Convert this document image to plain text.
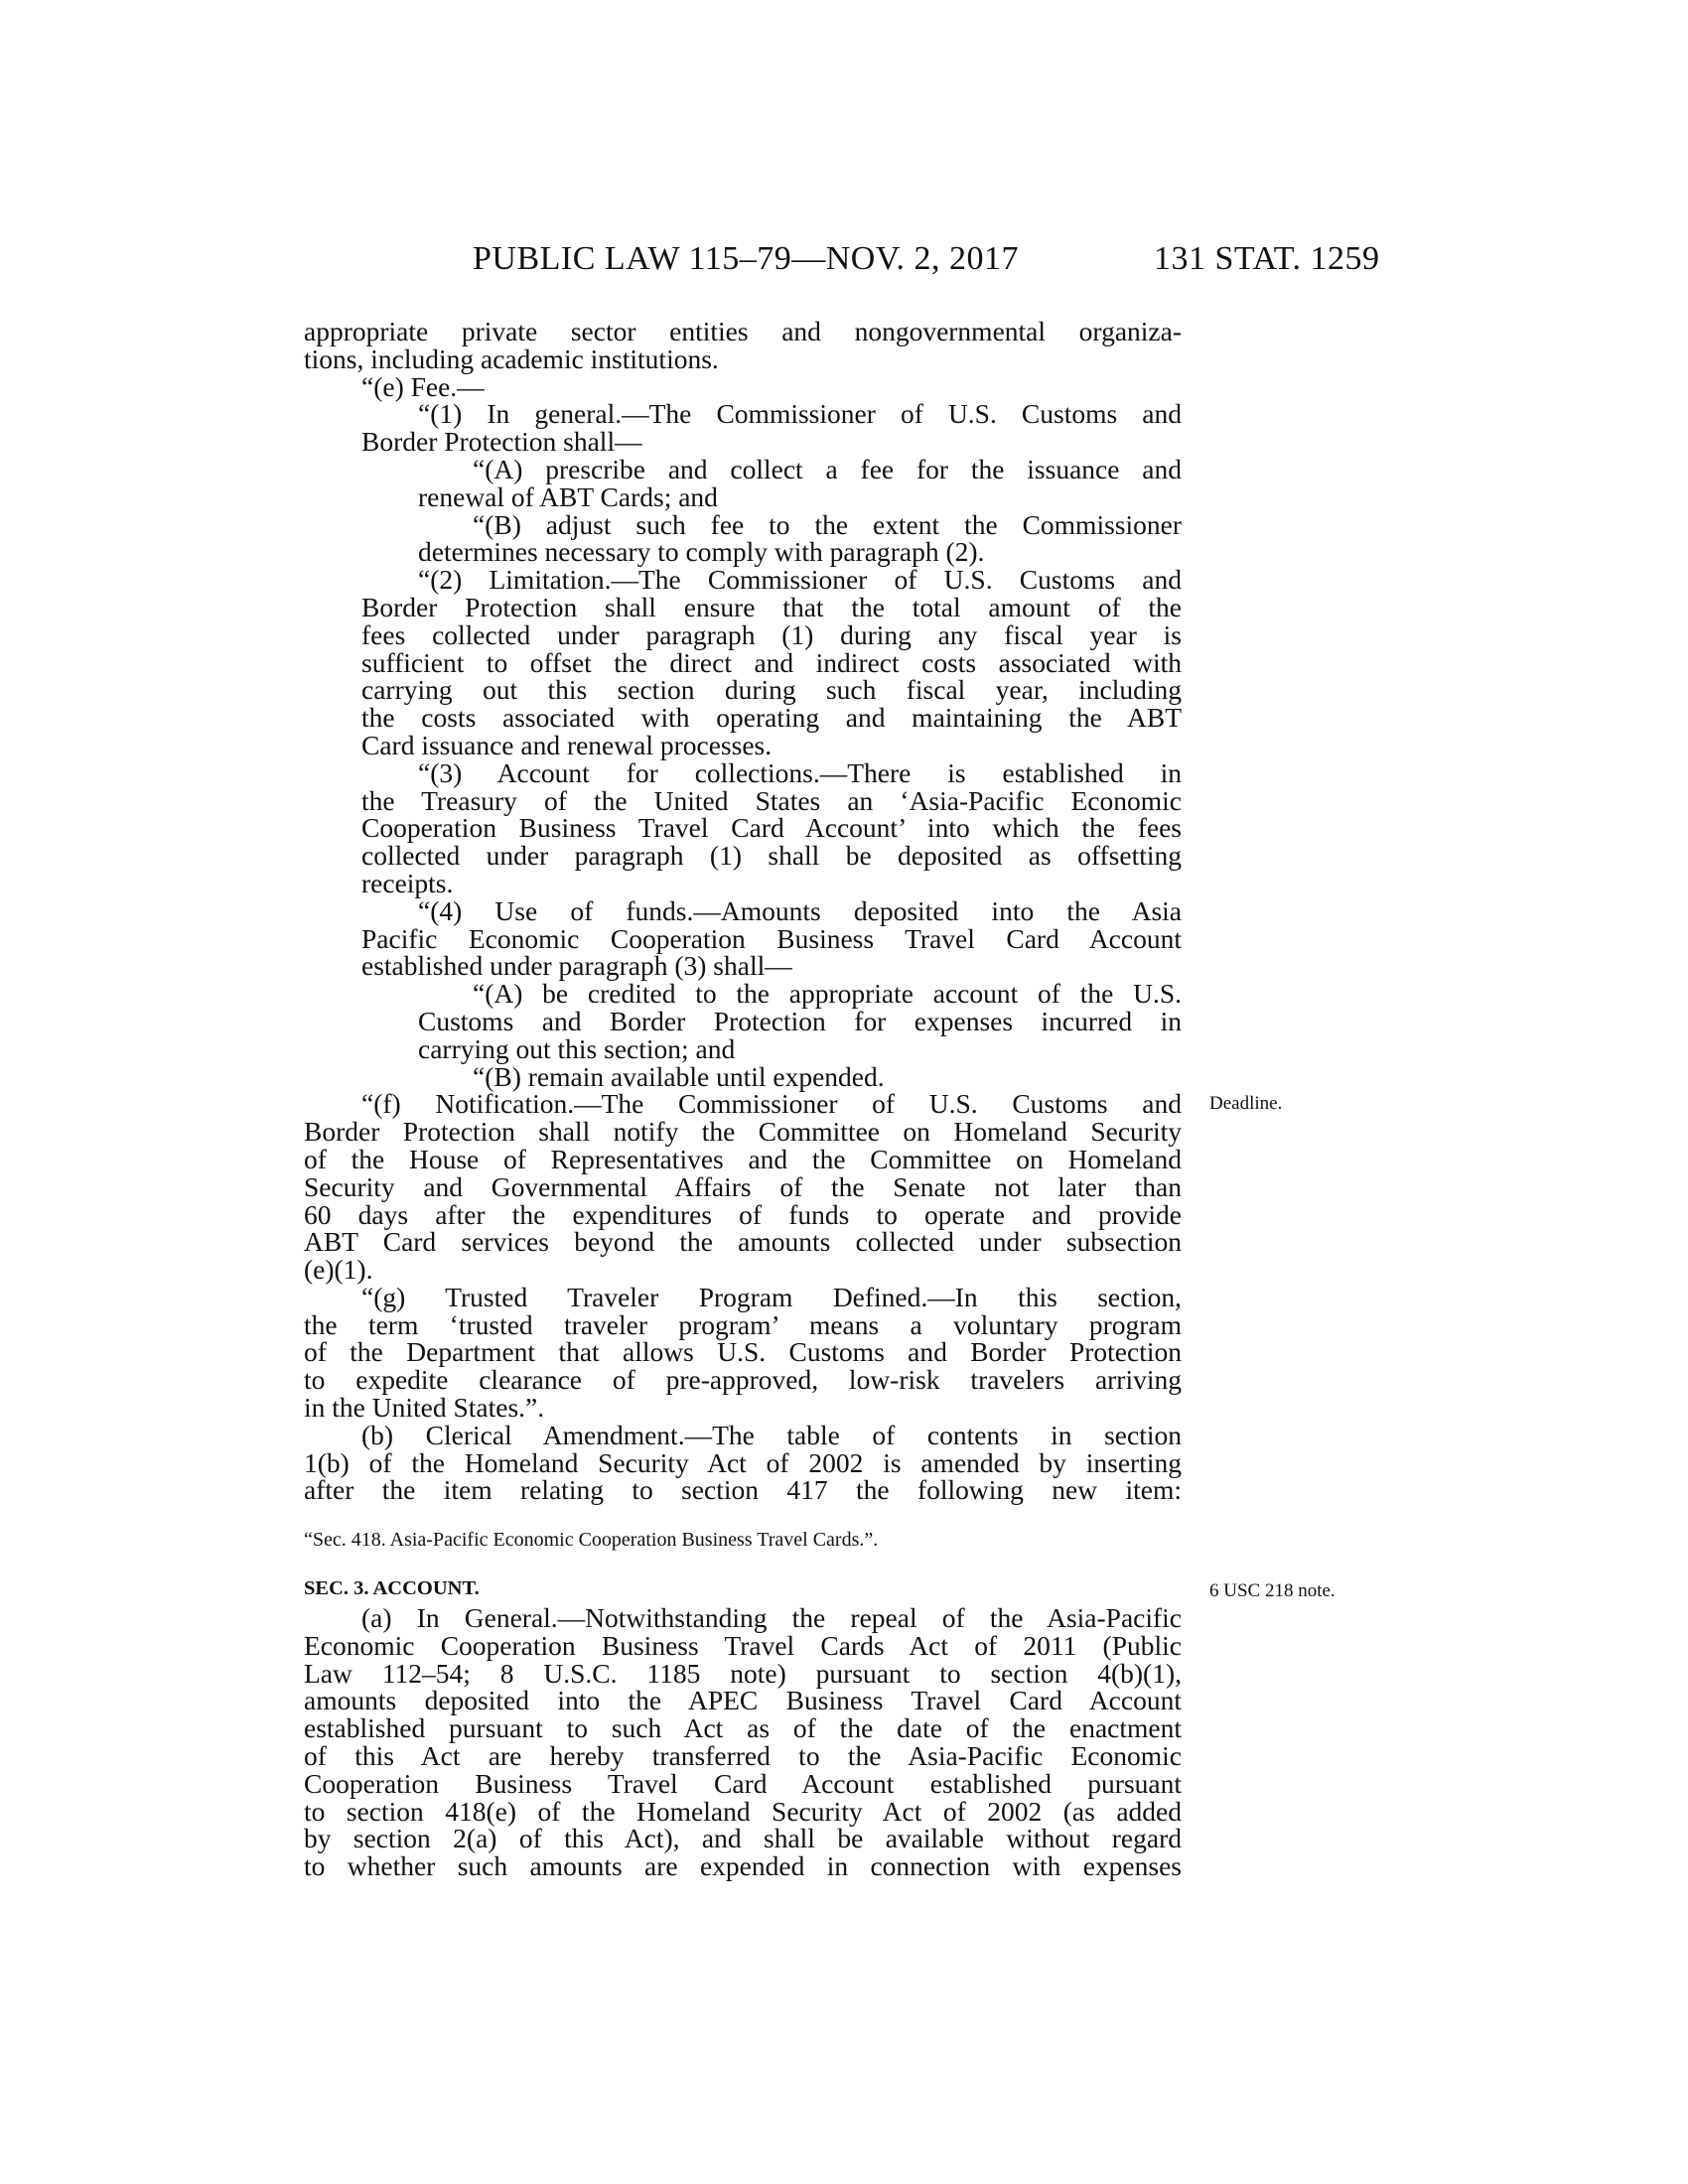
PUBLIC LAW 115–79—NOV. 2, 2017	131 STAT. 1259
appropriate private sector entities and nongovernmental organiza-
tions, including academic institutions.
“(e) Fee.—
“(1) In general.—The Commissioner of U.S. Customs and
Border Protection shall—
“(A) prescribe and collect a fee for the issuance and
renewal of ABT Cards; and
“(B) adjust such fee to the extent the Commissioner
determines necessary to comply with paragraph (2).
“(2) Limitation.—The Commissioner of U.S. Customs and
Border Protection shall ensure that the total amount of the
fees collected under paragraph (1) during any fiscal year is
sufficient to offset the direct and indirect costs associated with
carrying out this section during such fiscal year, including
the costs associated with operating and maintaining the ABT
Card issuance and renewal processes.
“(3) Account for collections.—There is established in
the Treasury of the United States an ‘Asia-Pacific Economic
Cooperation Business Travel Card Account’ into which the fees
collected under paragraph (1) shall be deposited as offsetting
receipts.
“(4) Use of funds.—Amounts deposited into the Asia
Pacific Economic Cooperation Business Travel Card Account
established under paragraph (3) shall—
“(A) be credited to the appropriate account of the U.S.
Customs and Border Protection for expenses incurred in
carrying out this section; and
“(B) remain available until expended.
“(f) Notification.—The Commissioner of U.S. Customs and
Border Protection shall notify the Committee on Homeland Security
of the House of Representatives and the Committee on Homeland
Security and Governmental Affairs of the Senate not later than
60 days after the expenditures of funds to operate and provide
ABT Card services beyond the amounts collected under subsection
(e)(1).
“(g) Trusted Traveler Program Defined.—In this section,
the term ‘trusted traveler program’ means a voluntary program
of the Department that allows U.S. Customs and Border Protection
to expedite clearance of pre-approved, low-risk travelers arriving
in the United States.”.
(b) Clerical Amendment.—The table of contents in section
1(b) of the Homeland Security Act of 2002 is amended by inserting
after the item relating to section 417 the following new item:
Deadline.
“Sec. 418. Asia-Pacific Economic Cooperation Business Travel Cards.”.
SEC. 3. ACCOUNT.	6 USC 218 note.
(a) In General.—Notwithstanding the repeal of the Asia-Pacific
Economic Cooperation Business Travel Cards Act of 2011 (Public
Law 112–54; 8 U.S.C. 1185 note) pursuant to section 4(b)(1),
amounts deposited into the APEC Business Travel Card Account
established pursuant to such Act as of the date of the enactment
of this Act are hereby transferred to the Asia-Pacific Economic
Cooperation Business Travel Card Account established pursuant
to section 418(e) of the Homeland Security Act of 2002 (as added
by section 2(a) of this Act), and shall be available without regard
to whether such amounts are expended in connection with expenses
